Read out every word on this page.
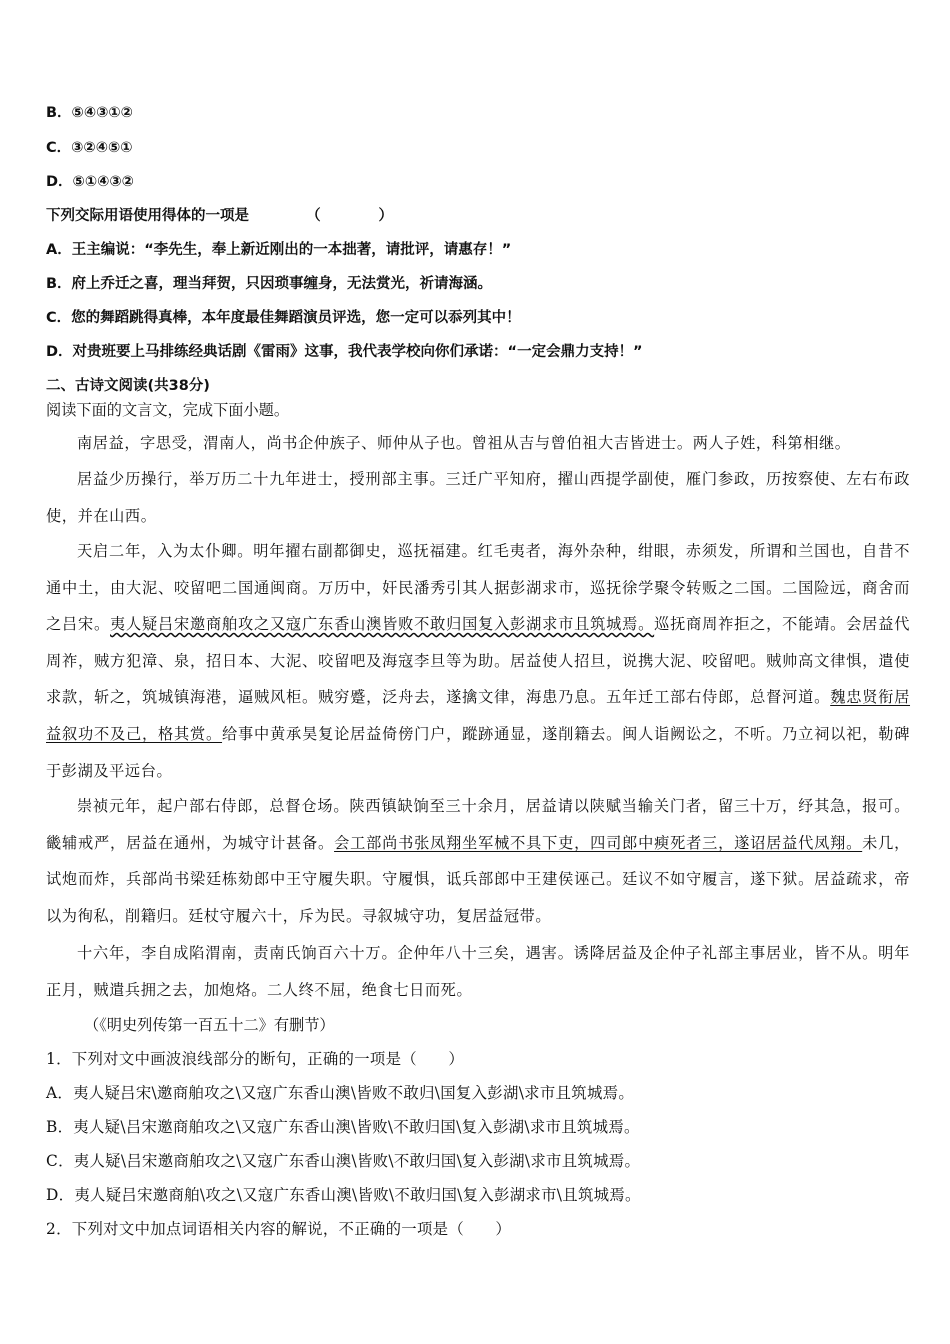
B．⑤④③①②
C．③②④⑤①
D．⑤①④③②
下列交际用语使用得体的一项是	（　　　　）
A．王主编说：“李先生，奉上新近刚出的一本拙著，请批评，请惠存！”
B．府上乔迁之喜，理当拜贺，只因琐事缠身，无法赏光，祈请海涵。
C．您的舞蹈跳得真棒，本年度最佳舞蹈演员评选，您一定可以忝列其中！
D．对贵班要上马排练经典话剧《雷雨》这事，我代表学校向你们承诺：“一定会鼎力支持！”
二、古诗文阅读(共38分)
阅读下面的文言文，完成下面小题。
南居益，字思受，渭南人，尚书企仲族子、师仲从子也。曾祖从吉与曾伯祖大吉皆进士。两人子姓，科第相继。
居益少历操行，举万历二十九年进士，授刑部主事。三迁广平知府，擢山西提学副使，雁门参政，历按察使、左右布政使，并在山西。
天启二年，入为太仆卿。明年擢右副都御史，巡抚福建。红毛夷者，海外杂种，绀眼，赤须发，所谓和兰国也，自昔不通中土，由大泥、咬留吧二国通闽商。万历中，奸民潘秀引其人据彭湖求市，巡抚徐学聚令转贩之二国。二国险远，商舍而之吕宋。夷人疑吕宋邀商舶攻之又寇广东香山澳皆败不敢归国复入彭湖求市且筑城焉。巡抚商周祚拒之，不能靖。会居益代周祚，贼方犯漳、泉，招日本、大泥、咬留吧及海寇李旦等为助。居益使人招旦，说携大泥、咬留吧。贼帅高文律惧，遣使求款，斩之，筑城镇海港，逼贼风柜。贼穷蹙，泛舟去，遂擒文律，海患乃息。五年迁工部右侍郎，总督河道。魏忠贤衔居益叙功不及己，格其赏。给事中黄承昊复论居益倚傍门户，蹤跡通显，遂削籍去。闽人诣阙讼之，不听。乃立祠以祀，勒碑于彭湖及平远台。
崇祯元年，起户部右侍郎，总督仓场。陕西镇缺饷至三十余月，居益请以陕赋当输关门者，留三十万，纾其急，报可。畿辅戒严，居益在通州，为城守计甚备。会工部尚书张凤翔坐军械不具下吏，四司郎中瘐死者三，遂诏居益代凤翔。未几，试炮而炸，兵部尚书梁廷栋劾郎中王守履失职。守履惧，诋兵部郎中王建侯诬己。廷议不如守履言，遂下狱。居益疏求，帝以为徇私，削籍归。廷杖守履六十，斥为民。寻叙城守功，复居益冠带。
十六年，李自成陷渭南，责南氏饷百六十万。企仲年八十三矣，遇害。诱降居益及企仲子礼部主事居业，皆不从。明年正月，贼遣兵拥之去，加炮烙。二人终不屈，绝食七日而死。
（《明史列传第一百五十二》有删节）
1．下列对文中画波浪线部分的断句，正确的一项是（　　）
A．夷人疑吕宋\邀商舶攻之\又寇广东香山澳\皆败不敢归\国复入彭湖\求市且筑城焉。
B．夷人疑\吕宋邀商舶攻之\又寇广东香山澳\皆败\不敢归国\复入彭湖\求市且筑城焉。
C．夷人疑\吕宋邀商舶攻之\又寇广东香山澳\皆败\不敢归国\复入彭湖\求市且筑城焉。
D．夷人疑吕宋邀商舶\攻之\又寇广东香山澳\皆败\不敢归国\复入彭湖求市\且筑城焉。
2．下列对文中加点词语相关内容的解说，不正确的一项是（　　）
